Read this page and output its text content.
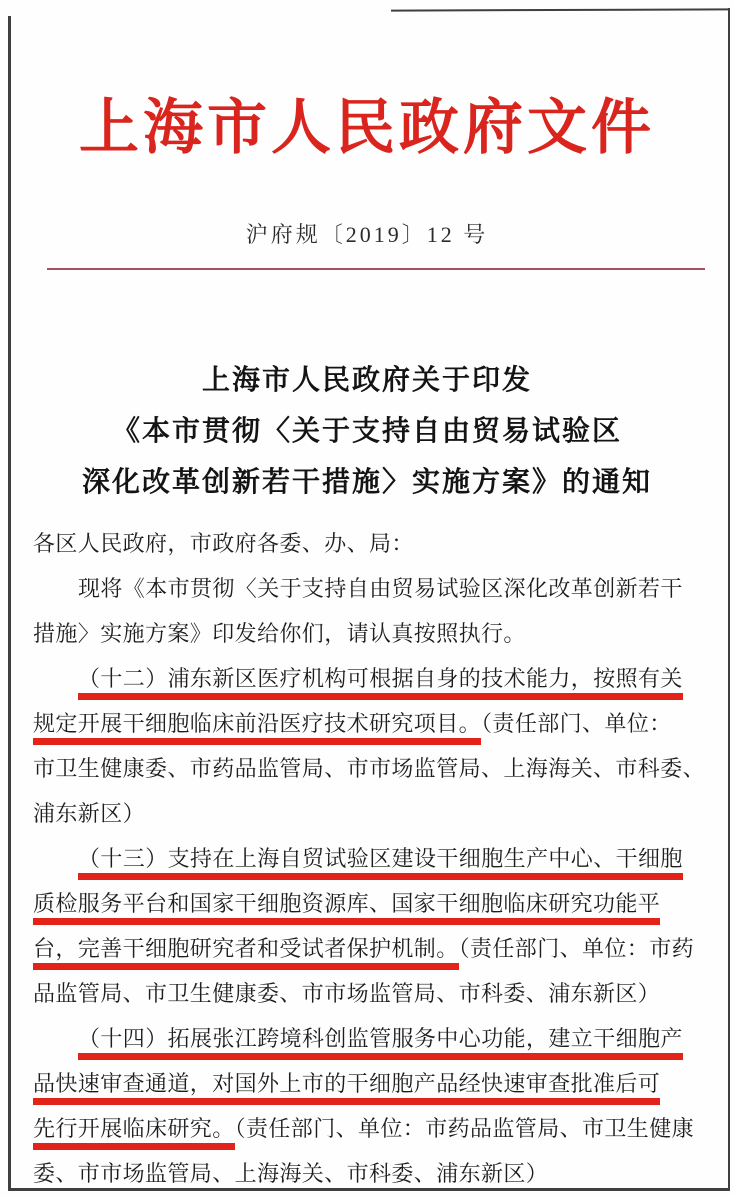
上海市人民政府文件
沪府规〔2019〕12 号
上海市人民政府关于印发
《本市贯彻〈关于支持自由贸易试验区
深化改革创新若干措施〉实施方案》的通知
各区人民政府，市政府各委、办、局：
现将《本市贯彻〈关于支持自由贸易试验区深化改革创新若干
措施〉实施方案》印发给你们，请认真按照执行。
（十二）浦东新区医疗机构可根据自身的技术能力，按照有关
规定开展干细胞临床前沿医疗技术研究项目。（责任部门、单位：
市卫生健康委、市药品监管局、市市场监管局、上海海关、市科委、
浦东新区）
（十三）支持在上海自贸试验区建设干细胞生产中心、干细胞
质检服务平台和国家干细胞资源库、国家干细胞临床研究功能平
台，完善干细胞研究者和受试者保护机制。（责任部门、单位：市药
品监管局、市卫生健康委、市市场监管局、市科委、浦东新区）
（十四）拓展张江跨境科创监管服务中心功能，建立干细胞产
品快速审查通道，对国外上市的干细胞产品经快速审查批准后可
先行开展临床研究。（责任部门、单位：市药品监管局、市卫生健康
委、市市场监管局、上海海关、市科委、浦东新区）
